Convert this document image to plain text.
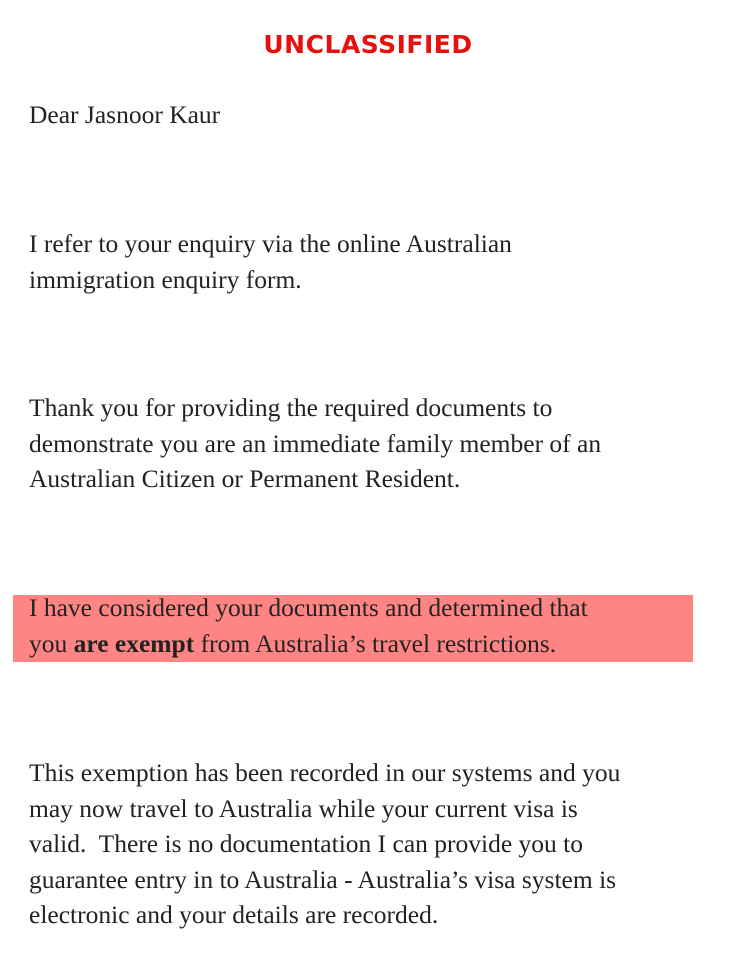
UNCLASSIFIED

Dear Jasnoor Kaur

I refer to your enquiry via the online Australian
immigration enquiry form.

Thank you for providing the required documents to
demonstrate you are an immediate family member of an
Australian Citizen or Permanent Resident.

I have considered your documents and determined that
you are exempt from Australia’s travel restrictions.

This exemption has been recorded in our systems and you
may now travel to Australia while your current visa is
valid.  There is no documentation I can provide you to
guarantee entry in to Australia - Australia’s visa system is
electronic and your details are recorded.
